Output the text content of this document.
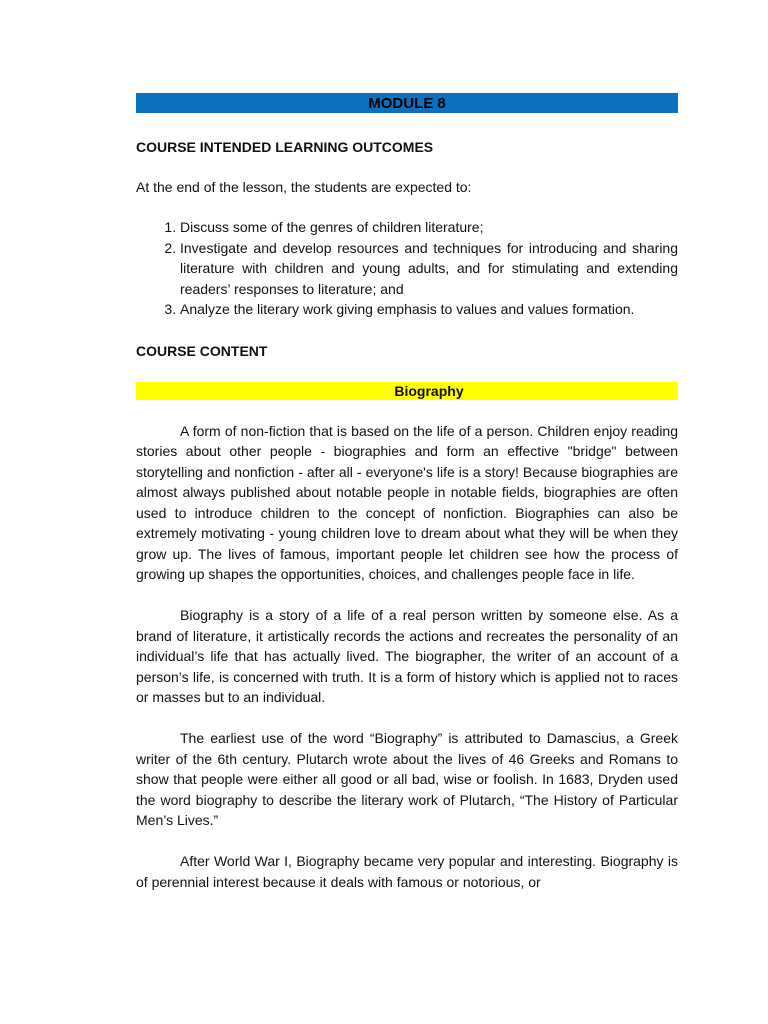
MODULE 8
COURSE INTENDED LEARNING OUTCOMES
At the end of the lesson, the students are expected to:
1. Discuss some of the genres of children literature;
2. Investigate and develop resources and techniques for introducing and sharing literature with children and young adults, and for stimulating and extending readers’ responses to literature; and
3. Analyze the literary work giving emphasis to values and values formation.
COURSE CONTENT
Biography

A form of non-fiction that is based on the life of a person. Children enjoy reading stories about other people - biographies and form an effective "bridge" between storytelling and nonfiction - after all - everyone's life is a story! Because biographies are almost always published about notable people in notable fields, biographies are often used to introduce children to the concept of nonfiction. Biographies can also be extremely motivating - young children love to dream about what they will be when they grow up. The lives of famous, important people let children see how the process of growing up shapes the opportunities, choices, and challenges people face in life.

Biography is a story of a life of a real person written by someone else. As a brand of literature, it artistically records the actions and recreates the personality of an individual’s life that has actually lived. The biographer, the writer of an account of a person’s life, is concerned with truth. It is a form of history which is applied not to races or masses but to an individual.

The earliest use of the word “Biography” is attributed to Damascius, a Greek writer of the 6th century. Plutarch wrote about the lives of 46 Greeks and Romans to show that people were either all good or all bad, wise or foolish. In 1683, Dryden used the word biography to describe the literary work of Plutarch, “The History of Particular Men’s Lives.”

After World War I, Biography became very popular and interesting. Biography is of perennial interest because it deals with famous or notorious, or
